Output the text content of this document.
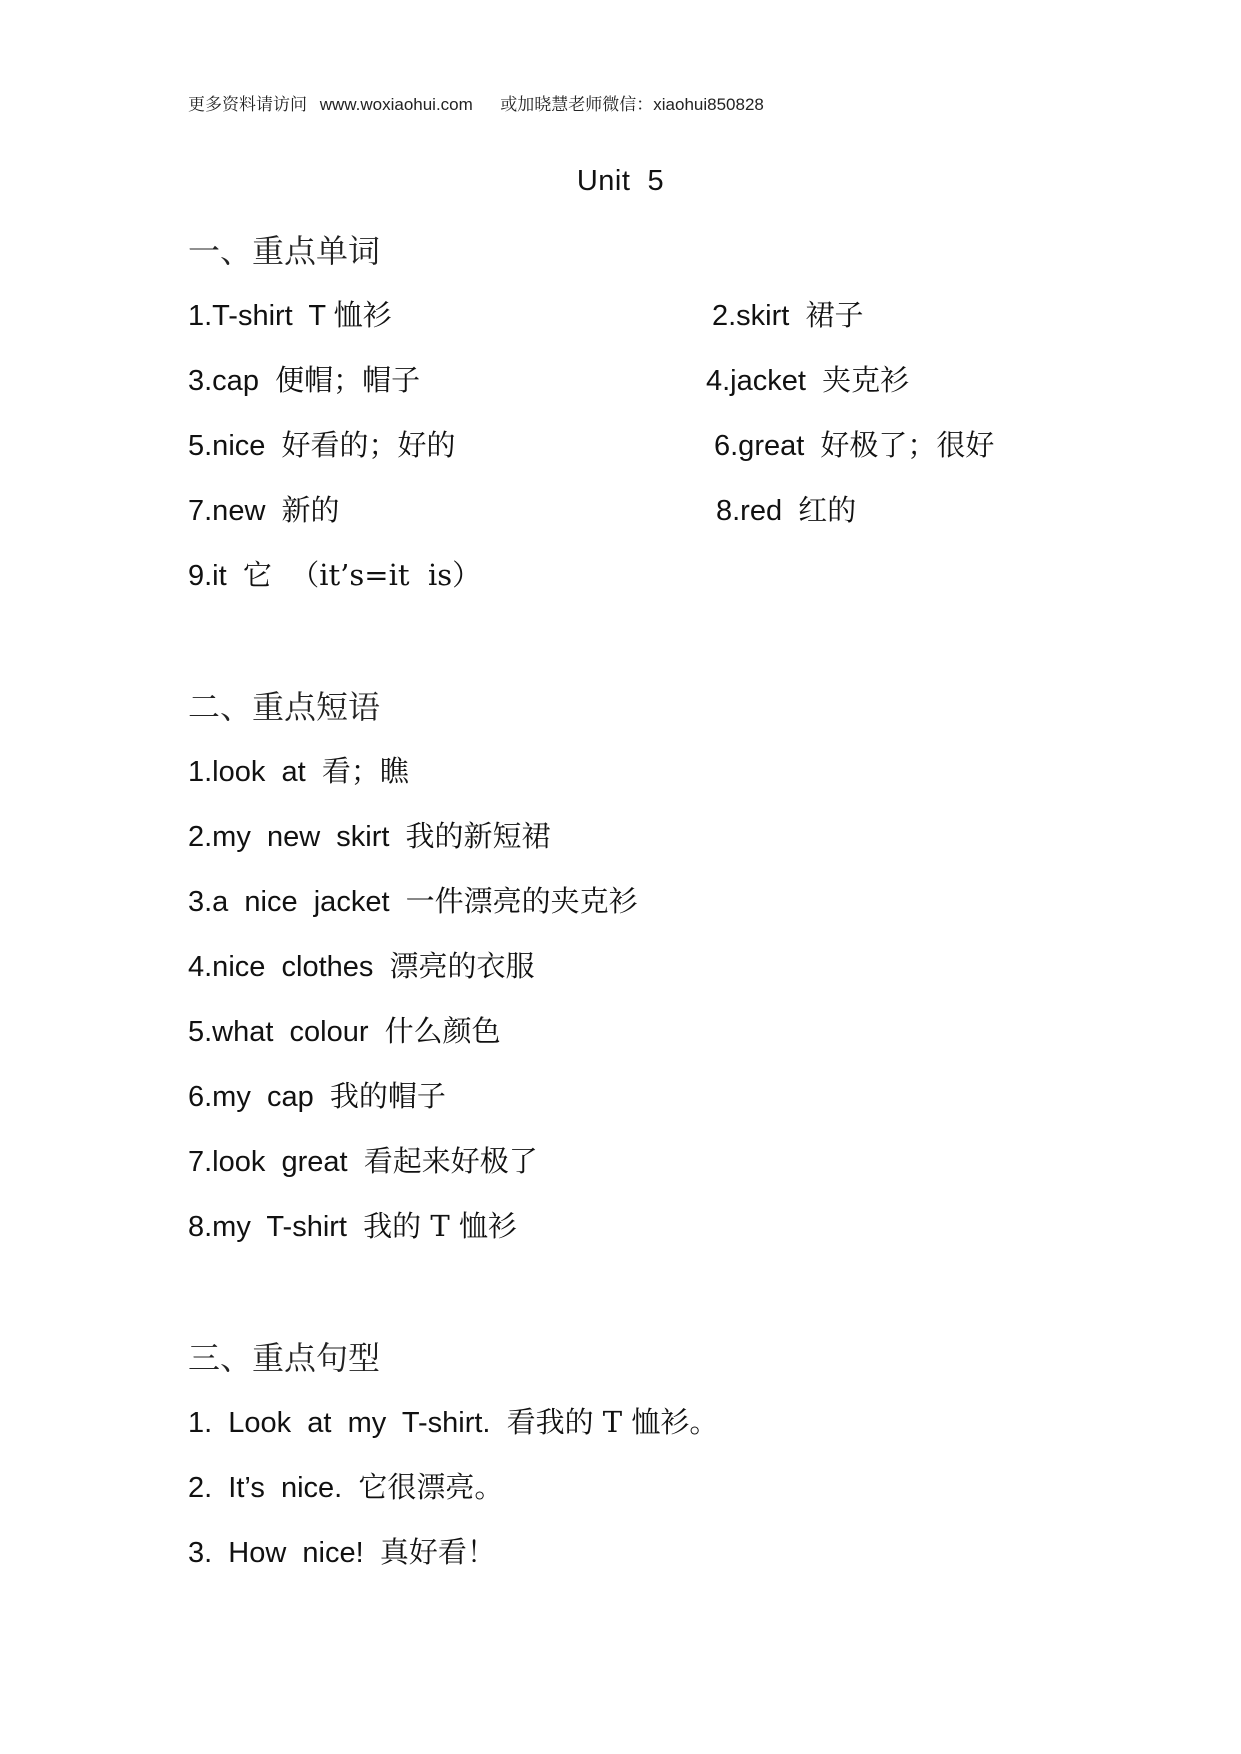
更多资料请访问 www.woxiaohui.com 或加晓慧老师微信：xiaohui850828
Unit  5
一、重点单词
1.T-shirt  T 恤衫	2.skirt  裙子
3.cap  便帽；帽子	4.jacket  夹克衫
5.nice  好看的；好的	6.great  好极了；很好
7.new  新的	8.red  红的
9.it  它  （it’s=it  is）
二、重点短语
1.look  at  看；瞧
2.my  new  skirt  我的新短裙
3.a  nice  jacket  一件漂亮的夹克衫
4.nice  clothes  漂亮的衣服
5.what  colour  什么颜色
6.my  cap  我的帽子
7.look  great  看起来好极了
8.my  T-shirt  我的 T 恤衫
三、重点句型
1.  Look  at  my  T-shirt.  看我的 T 恤衫。
2.  It’s  nice.  它很漂亮。
3.  How  nice!  真好看！
